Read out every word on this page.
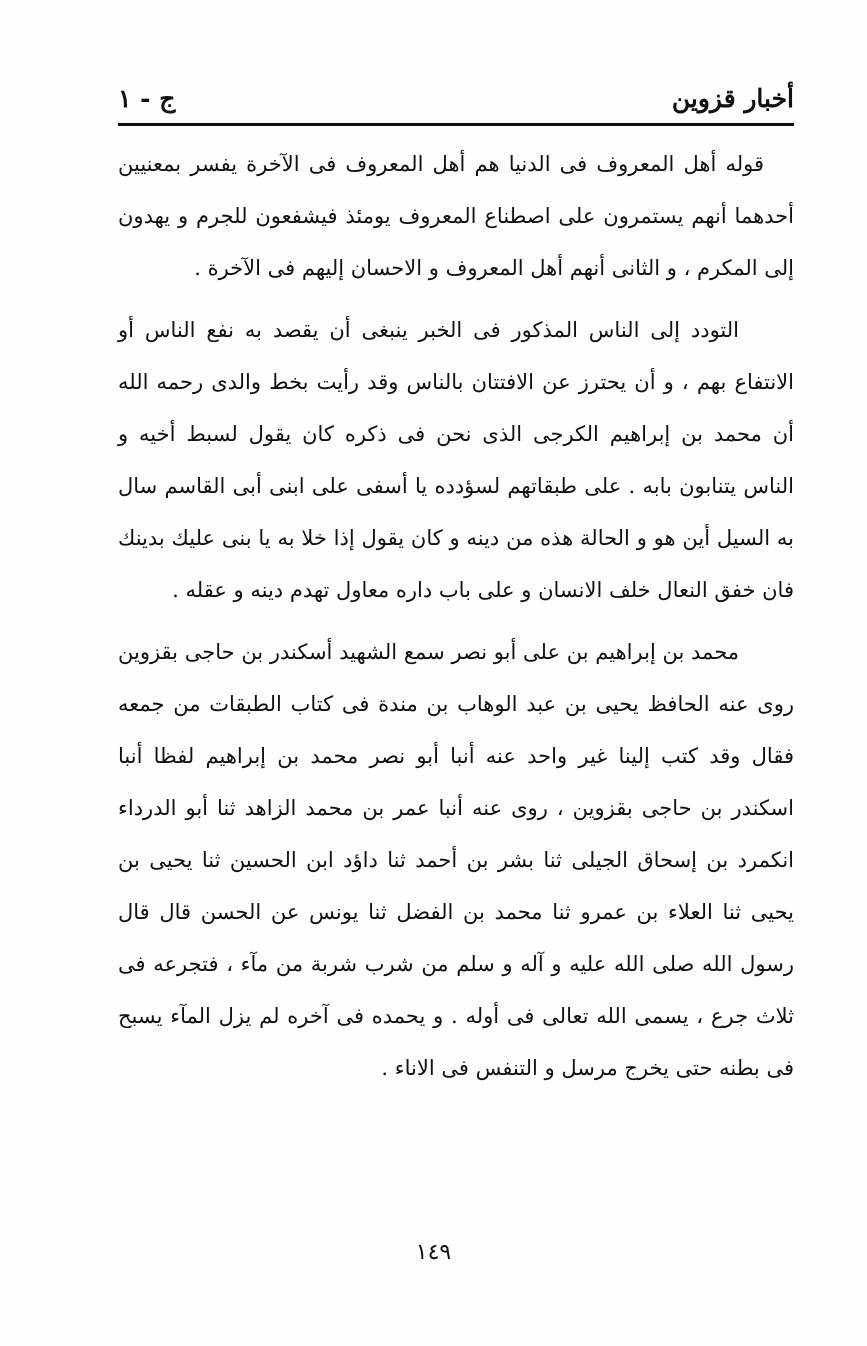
أخبار قزوين
ج - ١

قوله أهل المعروف فى الدنيا هم أهل المعروف فى الآخرة يفسر بمعنيين أحدهما أنهم يستمرون على اصطناع المعروف يومئذ فيشفعون للجرم و يهدون إلى المكرم ، و الثانى أنهم أهل المعروف و الاحسان إليهم فى الآخرة .

التودد إلى الناس المذكور فى الخبر ينبغى أن يقصد به نفع الناس أو الانتفاع بهم ، و أن يحترز عن الافتتان بالناس وقد رأيت بخط والدى رحمه الله أن محمد بن إبراهيم الكرجى الذى نحن فى ذكره كان يقول لسبط أخيه و الناس يتنابون بابه . على طبقاتهم لسؤدده يا أسفى على ابنى أبى القاسم سال به السيل أين هو و الحالة هذه من دينه و كان يقول إذا خلا به يا بنى عليك بدينك فان خفق النعال خلف الانسان و على باب داره معاول تهدم دينه و عقله .

محمد بن إبراهيم بن على أبو نصر سمع الشهيد أسكندر بن حاجى بقزوين روى عنه الحافظ يحيى بن عبد الوهاب بن مندة فى كتاب الطبقات من جمعه فقال وقد كتب إلينا غير واحد عنه أنبا أبو نصر محمد بن إبراهيم لفظا أنبا اسكندر بن حاجى بقزوين ، روى عنه أنبا عمر بن محمد الزاهد ثنا أبو الدرداء انكمرد بن إسحاق الجيلى ثنا بشر بن أحمد ثنا داؤد ابن الحسين ثنا يحيى بن يحيى ثنا العلاء بن عمرو ثنا محمد بن الفضل ثنا يونس عن الحسن قال قال رسول الله صلى الله عليه و آله و سلم من شرب شربة من مآء ، فتجرعه فى ثلاث جرع ، يسمى الله تعالى فى أوله . و يحمده فى آخره لم يزل المآء يسبح فى بطنه حتى يخرج مرسل و التنفس فى الاناء .

١٤٩
